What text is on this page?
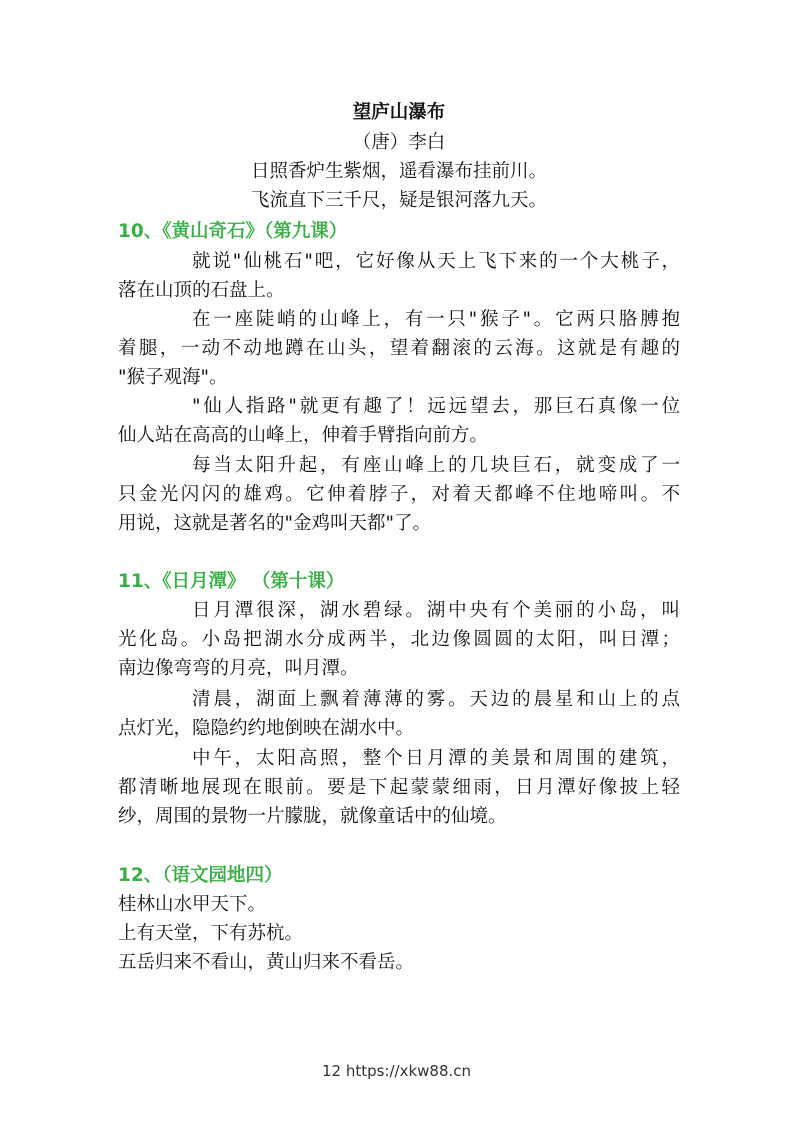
望庐山瀑布
（唐）李白
日照香炉生紫烟，遥看瀑布挂前川。
飞流直下三千尺，疑是银河落九天。
10、《黄山奇石》（第九课）
就说"仙桃石"吧，它好像从天上飞下来的一个大桃子，
落在山顶的石盘上。
在一座陡峭的山峰上，有一只"猴子"。它两只胳膊抱
着腿，一动不动地蹲在山头，望着翻滚的云海。这就是有趣的
"猴子观海"。
"仙人指路"就更有趣了！远远望去，那巨石真像一位
仙人站在高高的山峰上，伸着手臂指向前方。
每当太阳升起，有座山峰上的几块巨石，就变成了一
只金光闪闪的雄鸡。它伸着脖子，对着天都峰不住地啼叫。不
用说，这就是著名的"金鸡叫天都"了。
11、《日月潭》 （第十课）
日月潭很深，湖水碧绿。湖中央有个美丽的小岛，叫
光化岛。小岛把湖水分成两半，北边像圆圆的太阳，叫日潭；
南边像弯弯的月亮，叫月潭。
清晨，湖面上飘着薄薄的雾。天边的晨星和山上的点
点灯光，隐隐约约地倒映在湖水中。
中午，太阳高照，整个日月潭的美景和周围的建筑，
都清晰地展现在眼前。要是下起蒙蒙细雨，日月潭好像披上轻
纱，周围的景物一片朦胧，就像童话中的仙境。
12、（语文园地四）
桂林山水甲天下。
上有天堂，下有苏杭。
五岳归来不看山，黄山归来不看岳。
12 https://xkw88.cn
